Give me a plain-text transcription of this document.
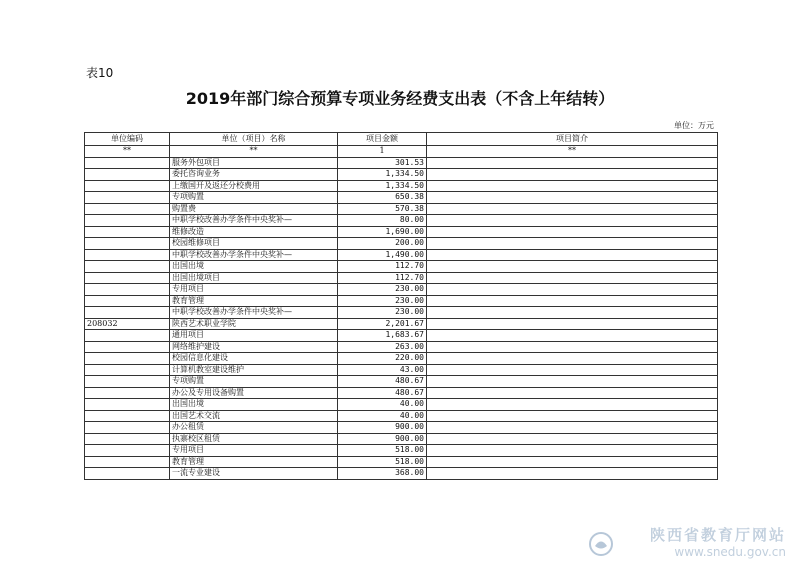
表10
2019年部门综合预算专项业务经费支出表（不含上年结转）
单位：万元
单位编码	单位（项目）名称	项目金额	项目简介
**	**	1	**
	服务外包项目	301.53	
	委托咨询业务	1,334.50	
	上缴国开及返还分校费用	1,334.50	
	专项购置	650.38	
	购置费	570.38	
	中职学校改善办学条件中央奖补—	80.00	
	维修改造	1,690.00	
	校园维修项目	200.00	
	中职学校改善办学条件中央奖补—	1,490.00	
	出国出境	112.70	
	出国出境项目	112.70	
	专用项目	230.00	
	教育管理	230.00	
	中职学校改善办学条件中央奖补—	230.00	
208032	陕西艺术职业学院	2,201.67	
	通用项目	1,683.67	
	网络维护建设	263.00	
	校园信息化建设	220.00	
	计算机教室建设维护	43.00	
	专项购置	480.67	
	办公及专用设备购置	480.67	
	出国出境	40.00	
	出国艺术交流	40.00	
	办公租赁	900.00	
	执寨校区租赁	900.00	
	专用项目	518.00	
	教育管理	518.00	
	一流专业建设	368.00	
陕西省教育厅网站
www.snedu.gov.cn
